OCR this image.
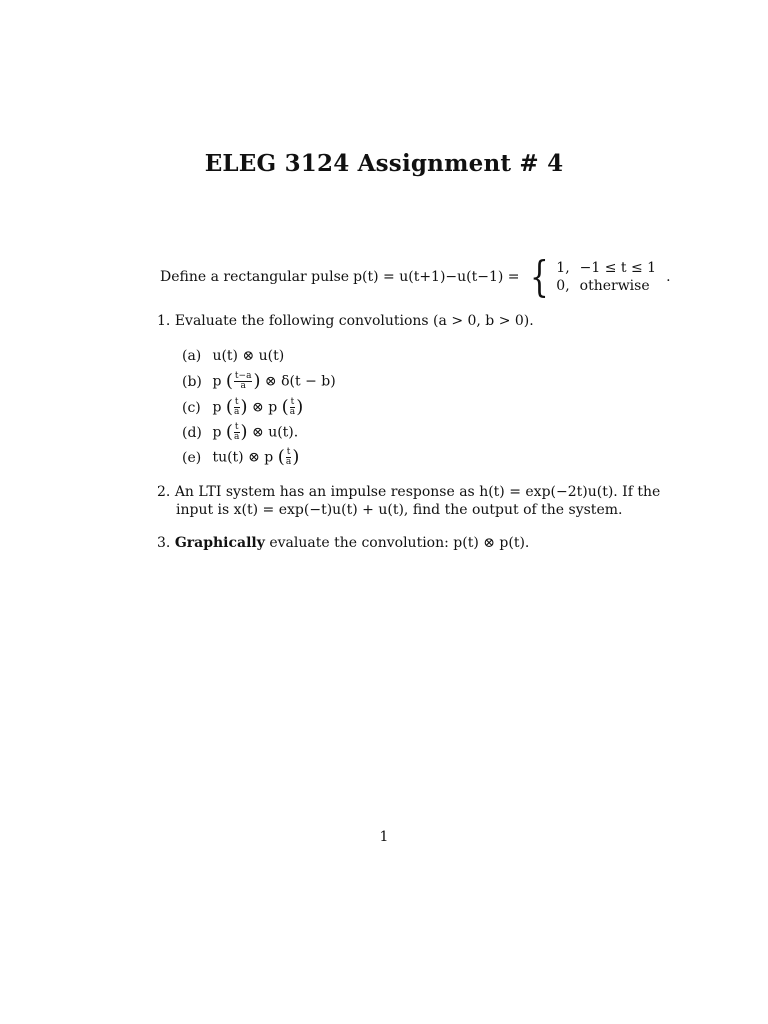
ELEG 3124 Assignment # 4
Define a rectangular pulse p(t) = u(t+1)−u(t−1) = { 1, −1 ≤ t ≤ 1
0, otherwise
.
1. Evaluate the following convolutions (a > 0, b > 0).
(a) u(t) ⊗ u(t)
(b) p ( $\frac{t-a}{a}$ ) ⊗ δ(t − b)
(c) p ( $\frac{t}{a}$ ) ⊗ p ( $\frac{t}{a}$ )
(d) p ( $\frac{t}{a}$ ) ⊗ u(t).
(e) tu(t) ⊗ p ( $\frac{t}{a}$ )
2. An LTI system has an impulse response as h(t) = exp(−2t)u(t). If the
input is x(t) = exp(−t)u(t) + u(t), find the output of the system.
3. Graphically evaluate the convolution: p(t) ⊗ p(t).
1
